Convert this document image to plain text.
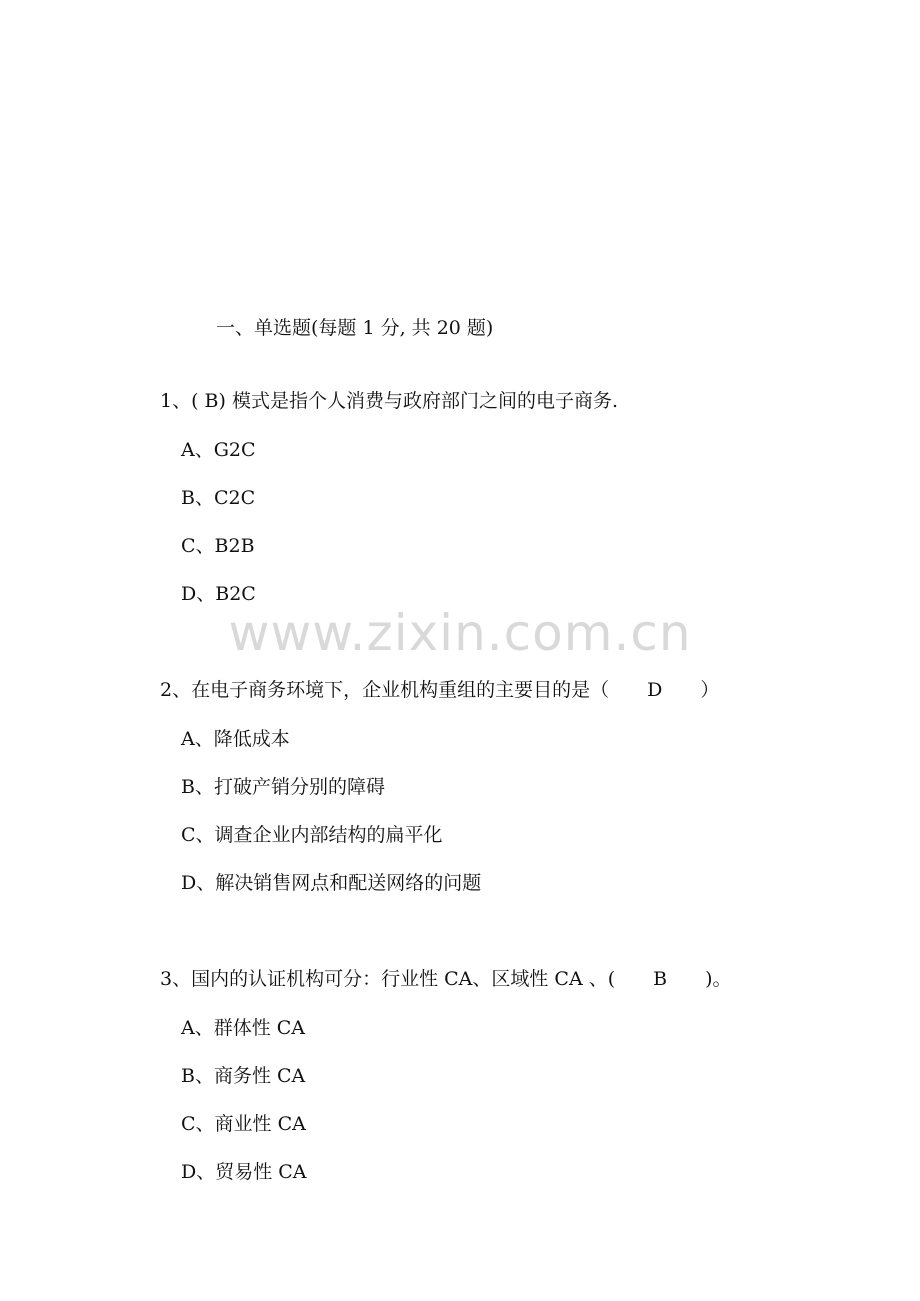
一、单选题(每题 1 分, 共 20 题)
1、( B) 模式是指个人消费与政府部门之间的电子商务.
A、G2C
B、C2C
C、B2B
D、B2C
www.zixin.com.cn
2、在电子商务环境下，企业机构重组的主要目的是（　　D　　）
A、降低成本
B、打破产销分别的障碍
C、调查企业内部结构的扁平化
D、解决销售网点和配送网络的问题
3、国内的认证机构可分：行业性 CA、区域性 CA 、(　　B　　)。
A、群体性 CA
B、商务性 CA
C、商业性 CA
D、贸易性 CA
